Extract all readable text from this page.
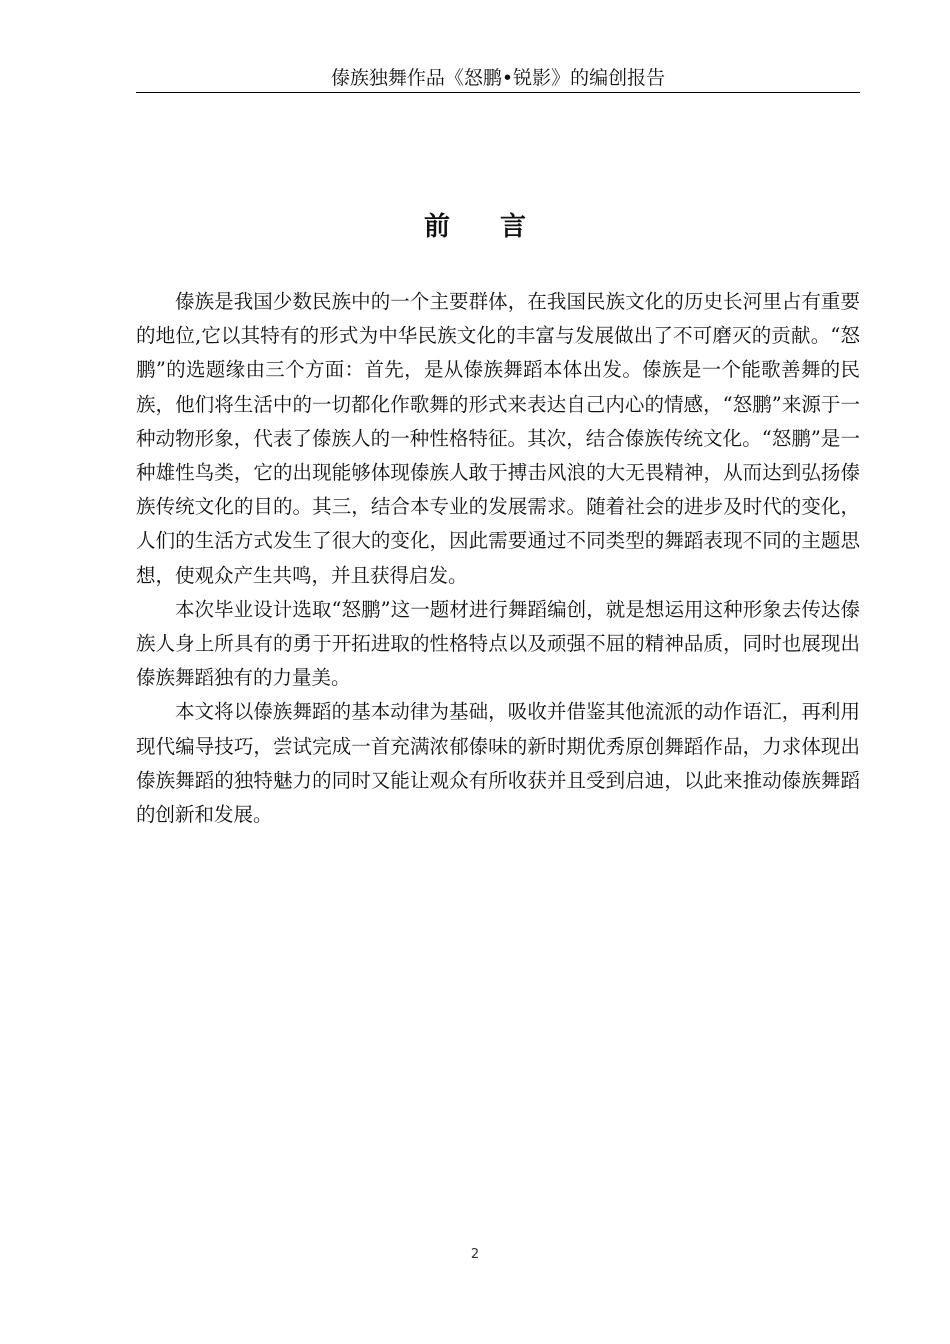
傣族独舞作品《怒鹏•锐影》的编创报告
前言

傣族是我国少数民族中的一个主要群体，在我国民族文化的历史长河里占有重要的地位,它以其特有的形式为中华民族文化的丰富与发展做出了不可磨灭的贡献。“怒鹏”的选题缘由三个方面：首先，是从傣族舞蹈本体出发。傣族是一个能歌善舞的民族，他们将生活中的一切都化作歌舞的形式来表达自己内心的情感，“怒鹏”来源于一种动物形象，代表了傣族人的一种性格特征。其次，结合傣族传统文化。“怒鹏”是一种雄性鸟类，它的出现能够体现傣族人敢于搏击风浪的大无畏精神，从而达到弘扬傣族传统文化的目的。其三，结合本专业的发展需求。随着社会的进步及时代的变化，人们的生活方式发生了很大的变化，因此需要通过不同类型的舞蹈表现不同的主题思想，使观众产生共鸣，并且获得启发。

本次毕业设计选取“怒鹏”这一题材进行舞蹈编创，就是想运用这种形象去传达傣族人身上所具有的勇于开拓进取的性格特点以及顽强不屈的精神品质，同时也展现出傣族舞蹈独有的力量美。

本文将以傣族舞蹈的基本动律为基础，吸收并借鉴其他流派的动作语汇，再利用现代编导技巧，尝试完成一首充满浓郁傣味的新时期优秀原创舞蹈作品，力求体现出傣族舞蹈的独特魅力的同时又能让观众有所收获并且受到启迪，以此来推动傣族舞蹈的创新和发展。

2
